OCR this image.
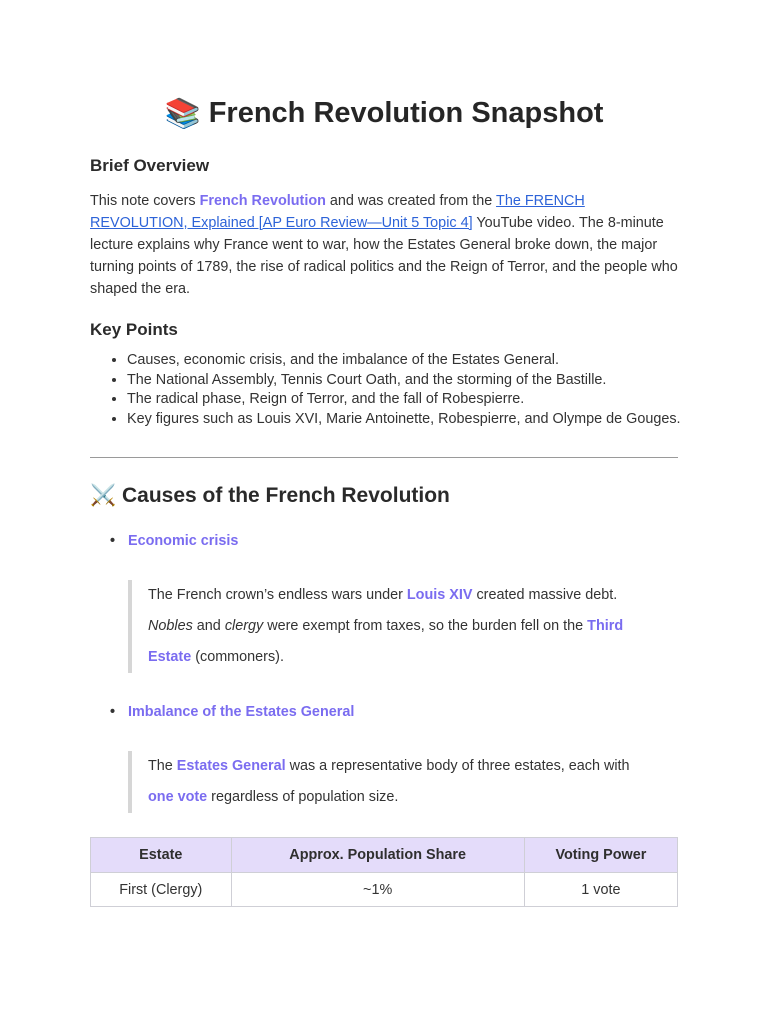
📚 French Revolution Snapshot
Brief Overview
This note covers French Revolution and was created from the The FRENCH REVOLUTION, Explained [AP Euro Review—Unit 5 Topic 4] YouTube video. The 8-minute lecture explains why France went to war, how the Estates General broke down, the major turning points of 1789, the rise of radical politics and the Reign of Terror, and the people who shaped the era.
Key Points
• Causes, economic crisis, and the imbalance of the Estates General.
• The National Assembly, Tennis Court Oath, and the storming of the Bastille.
• The radical phase, Reign of Terror, and the fall of Robespierre.
• Key figures such as Louis XVI, Marie Antoinette, Robespierre, and Olympe de Gouges.
⚔️ Causes of the French Revolution
• Economic crisis
The French crown’s endless wars under Louis XIV created massive debt.
Nobles and clergy were exempt from taxes, so the burden fell on the Third Estate (commoners).
• Imbalance of the Estates General
The Estates General was a representative body of three estates, each with one vote regardless of population size.
Estate	Approx. Population Share	Voting Power
First (Clergy)	~1%	1 vote
